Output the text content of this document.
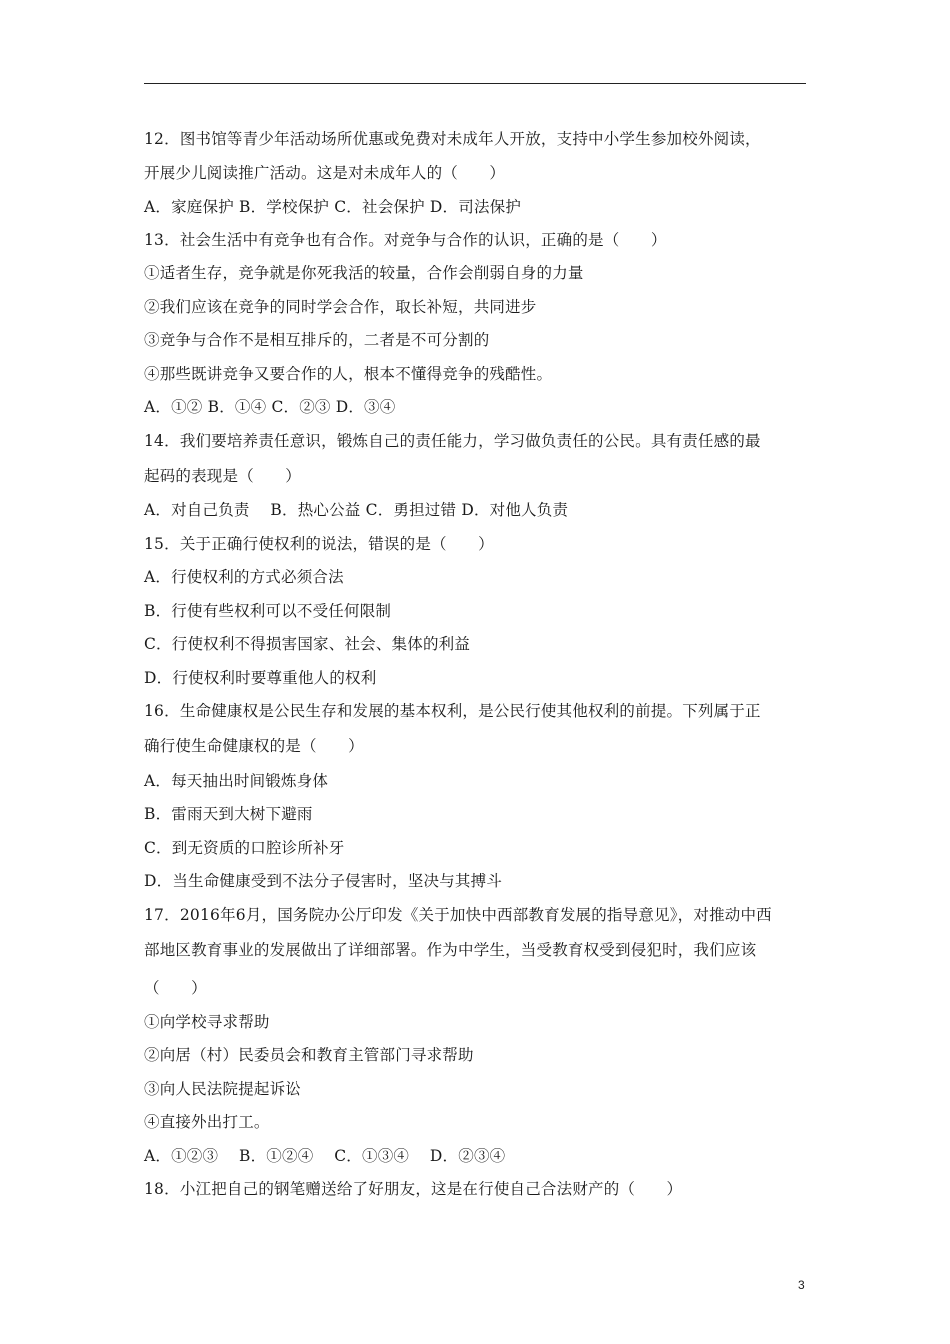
12．图书馆等青少年活动场所优惠或免费对未成年人开放，支持中小学生参加校外阅读，
开展少儿阅读推广活动。这是对未成年人的（　　）
A．家庭保护 B．学校保护 C．社会保护 D．司法保护
13．社会生活中有竞争也有合作。对竞争与合作的认识，正确的是（　　）
①适者生存，竞争就是你死我活的较量，合作会削弱自身的力量
②我们应该在竞争的同时学会合作，取长补短，共同进步
③竞争与合作不是相互排斥的，二者是不可分割的
④那些既讲竞争又要合作的人，根本不懂得竞争的残酷性。
A．①② B．①④ C．②③ D．③④
14．我们要培养责任意识，锻炼自己的责任能力，学习做负责任的公民。具有责任感的最
起码的表现是（　　）
A．对自己负责　 B．热心公益 C．勇担过错 D．对他人负责
15．关于正确行使权利的说法，错误的是（　　）
A．行使权利的方式必须合法
B．行使有些权利可以不受任何限制
C．行使权利不得损害国家、社会、集体的利益
D．行使权利时要尊重他人的权利
16．生命健康权是公民生存和发展的基本权利，是公民行使其他权利的前提。下列属于正
确行使生命健康权的是（　　）
A．每天抽出时间锻炼身体
B．雷雨天到大树下避雨
C．到无资质的口腔诊所补牙
D．当生命健康受到不法分子侵害时，坚决与其搏斗
17．2016年6月，国务院办公厅印发《关于加快中西部教育发展的指导意见》，对推动中西
部地区教育事业的发展做出了详细部署。作为中学生，当受教育权受到侵犯时，我们应该
（　　）
①向学校寻求帮助
②向居（村）民委员会和教育主管部门寻求帮助
③向人民法院提起诉讼
④直接外出打工。
A．①②③　 B．①②④　 C．①③④　 D．②③④
18．小江把自己的钢笔赠送给了好朋友，这是在行使自己合法财产的（　　）
3
